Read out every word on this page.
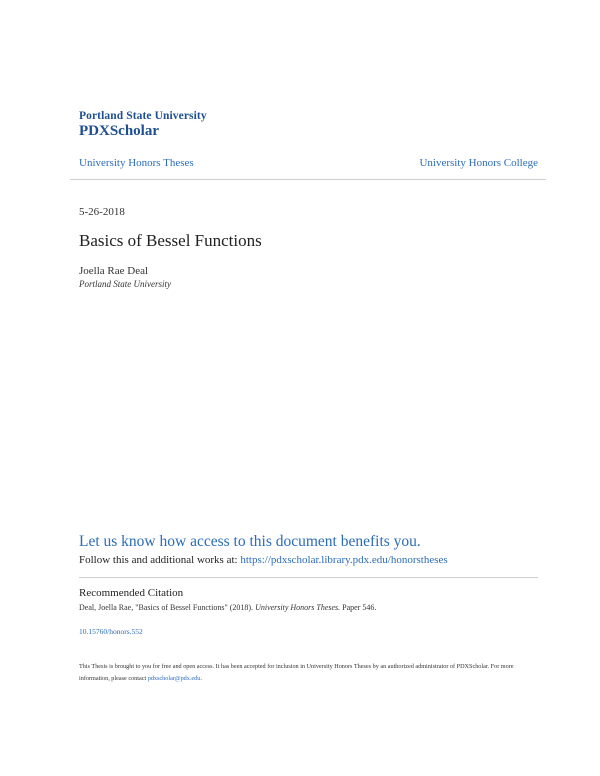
Portland State University
PDXScholar
University Honors Theses	University Honors College
5-26-2018
Basics of Bessel Functions
Joella Rae Deal
Portland State University
Let us know how access to this document benefits you.
Follow this and additional works at: https://pdxscholar.library.pdx.edu/honorstheses
Recommended Citation
Deal, Joella Rae, "Basics of Bessel Functions" (2018). University Honors Theses. Paper 546.
10.15760/honors.552
This Thesis is brought to you for free and open access. It has been accepted for inclusion in University Honors Theses by an authorized administrator of PDXScholar. For more information, please contact pdxscholar@pdx.edu.
